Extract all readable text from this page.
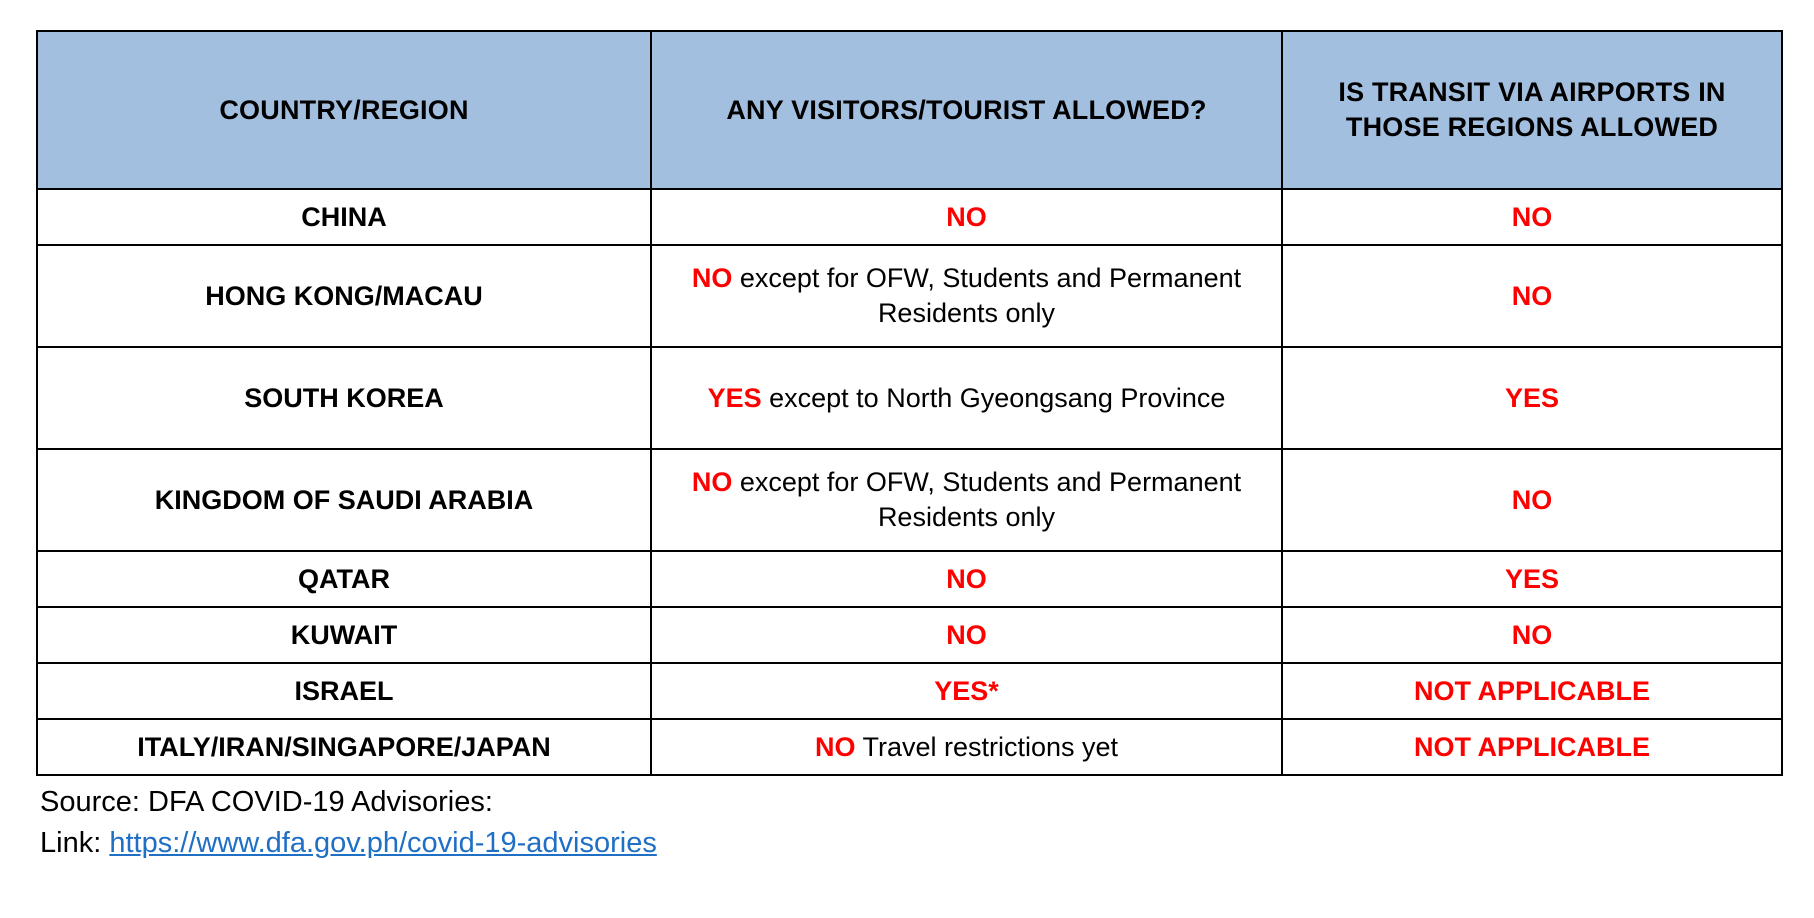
COUNTRY/REGION	ANY VISITORS/TOURIST ALLOWED?	IS TRANSIT VIA AIRPORTS IN THOSE REGIONS ALLOWED
CHINA	NO	NO
HONG KONG/MACAU	NO except for OFW, Students and Permanent Residents only	NO
SOUTH KOREA	YES except to North Gyeongsang Province	YES
KINGDOM OF SAUDI ARABIA	NO except for OFW, Students and Permanent Residents only	NO
QATAR	NO	YES
KUWAIT	NO	NO
ISRAEL	YES*	NOT APPLICABLE
ITALY/IRAN/SINGAPORE/JAPAN	NO Travel restrictions yet	NOT APPLICABLE
Source: DFA COVID-19 Advisories:
Link: https://www.dfa.gov.ph/covid-19-advisories
